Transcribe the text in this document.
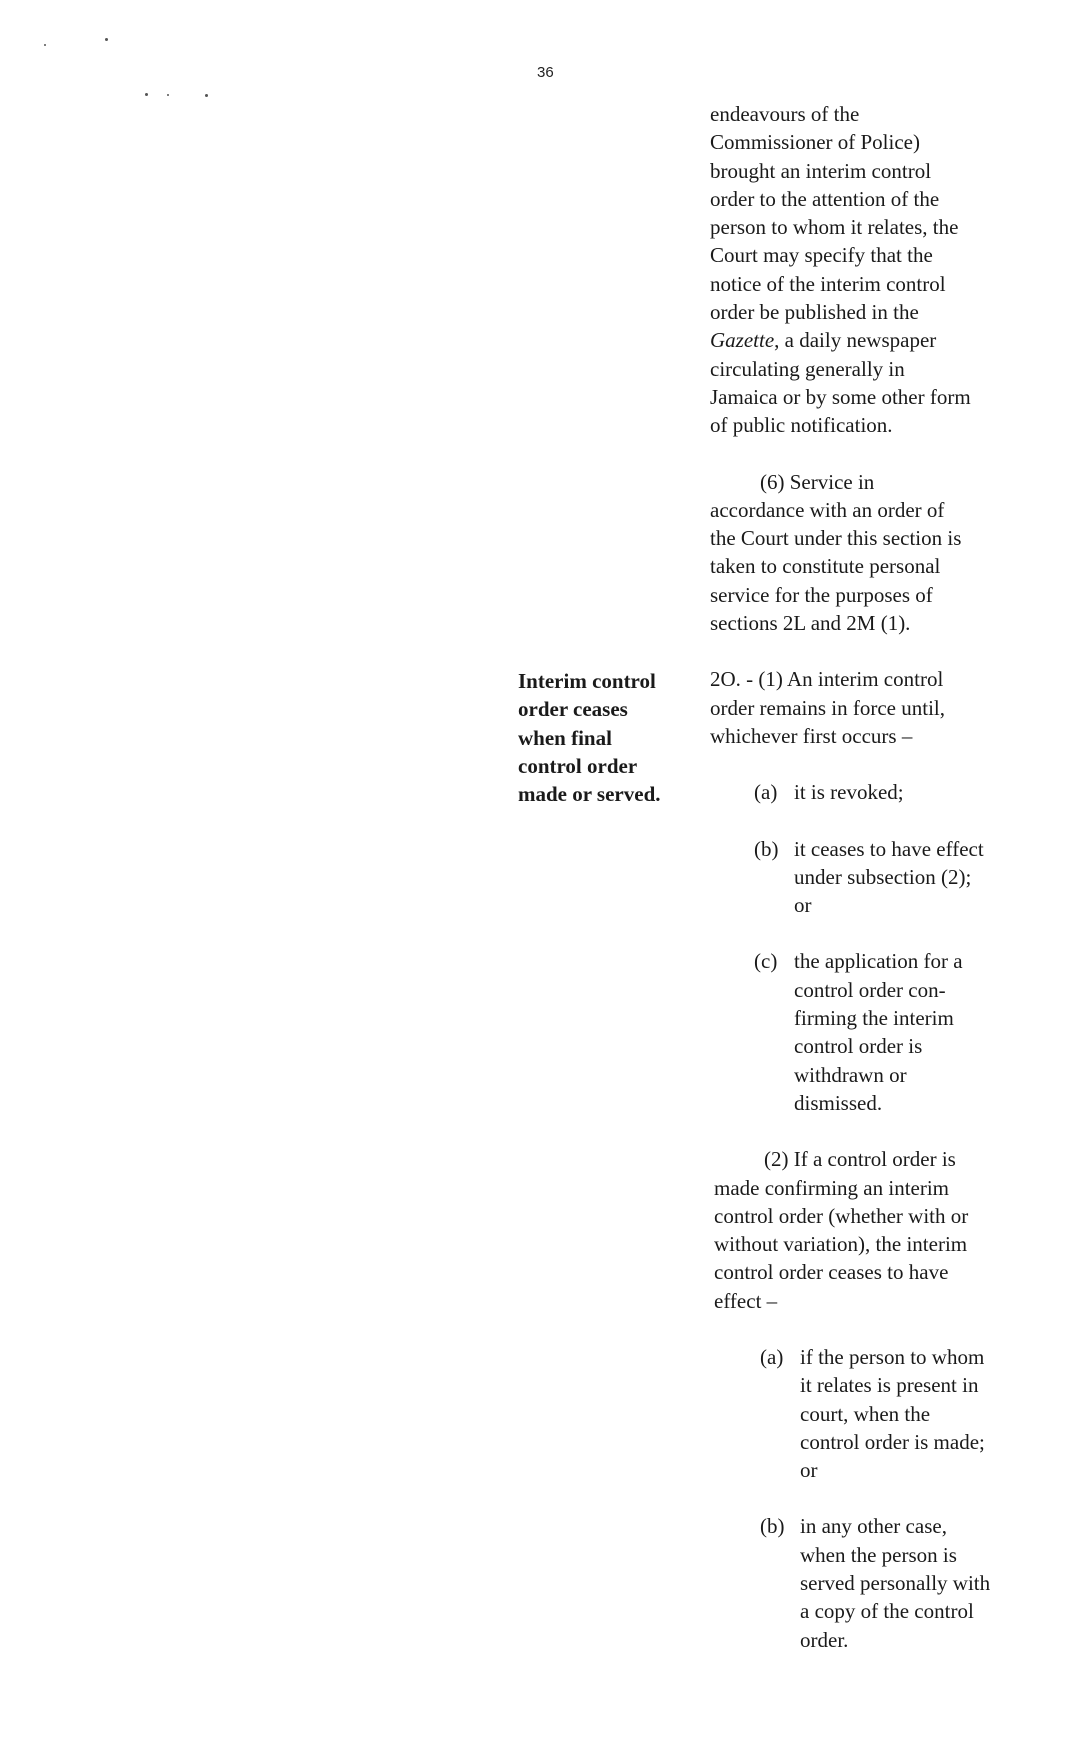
36
Interim control
order ceases
when final
control order
made or served.

endeavours of the

Commissioner of Police)

brought an interim control

order to the attention of the

person to whom it relates, the

Court may specify that the

notice of the interim control

order be published in the

Gazette, a daily newspaper

circulating generally in

Jamaica or by some other form

of public notification.

(6) Service in

accordance with an order of

the Court under this section is

taken to constitute personal

service for the purposes of

sections 2L and 2M (1).

2O. - (1) An interim control

order remains in force until,

whichever first occurs –

(a) it is revoked;

(b) it ceases to have effect

under subsection (2);

or

(c) the application for a

control order con-

firming the interim

control order is

withdrawn or

dismissed.

(2) If a control order is

made confirming an interim

control order (whether with or

without variation), the interim

control order ceases to have

effect –

(a) if the person to whom

it relates is present in

court, when the

control order is made;

or

(b) in any other case,

when the person is

served personally with

a copy of the control

order.
